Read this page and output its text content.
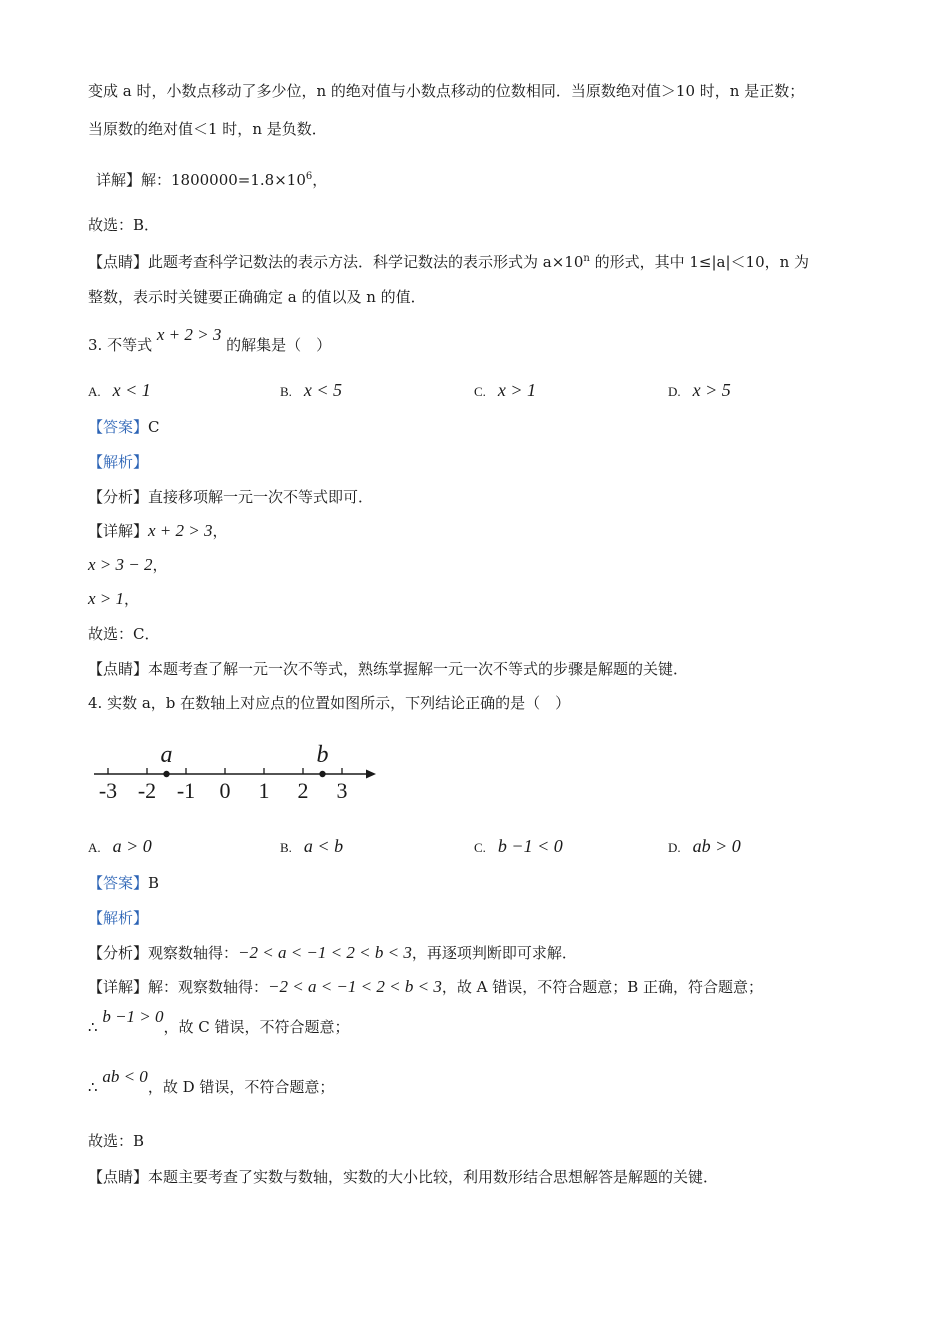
变成 a 时，小数点移动了多少位，n 的绝对值与小数点移动的位数相同．当原数绝对值＞10 时，n 是正数；
当原数的绝对值＜1 时，n 是负数．
详解】解：$1800000=1.8\times 10^6$，
故选：B．
【点睛】此题考查科学记数法的表示方法．科学记数法的表示形式为 $a\times 10^n$ 的形式，其中 1≤|a|＜10，n 为
整数，表示时关键要正确确定 a 的值以及 n 的值．
3. 不等式 x + 2 > 3 的解集是（　）
A. x < 1	B. x < 5	C. x > 1	D. x > 5
【答案】C
【解析】
【分析】直接移项解一元一次不等式即可．
【详解】x + 2 > 3，
x > 3 − 2，
x > 1，
故选：C．
【点睛】本题考查了解一元一次不等式，熟练掌握解一元一次不等式的步骤是解题的关键．
4. 实数 a，b 在数轴上对应点的位置如图所示，下列结论正确的是（　）
-3 -2 -1 0 1 2 3
a	b
A. a > 0	B. a < b	C. b −1 < 0	D. ab > 0
【答案】B
【解析】
【分析】观察数轴得：−2 < a < −1 < 2 < b < 3，再逐项判断即可求解．
【详解】解：观察数轴得：−2 < a < −1 < 2 < b < 3，故 A 错误，不符合题意；B 正确，符合题意；
∴ b −1 > 0，故 C 错误，不符合题意；
∴ ab < 0，故 D 错误，不符合题意；
故选：B
【点睛】本题主要考查了实数与数轴，实数的大小比较，利用数形结合思想解答是解题的关键．
